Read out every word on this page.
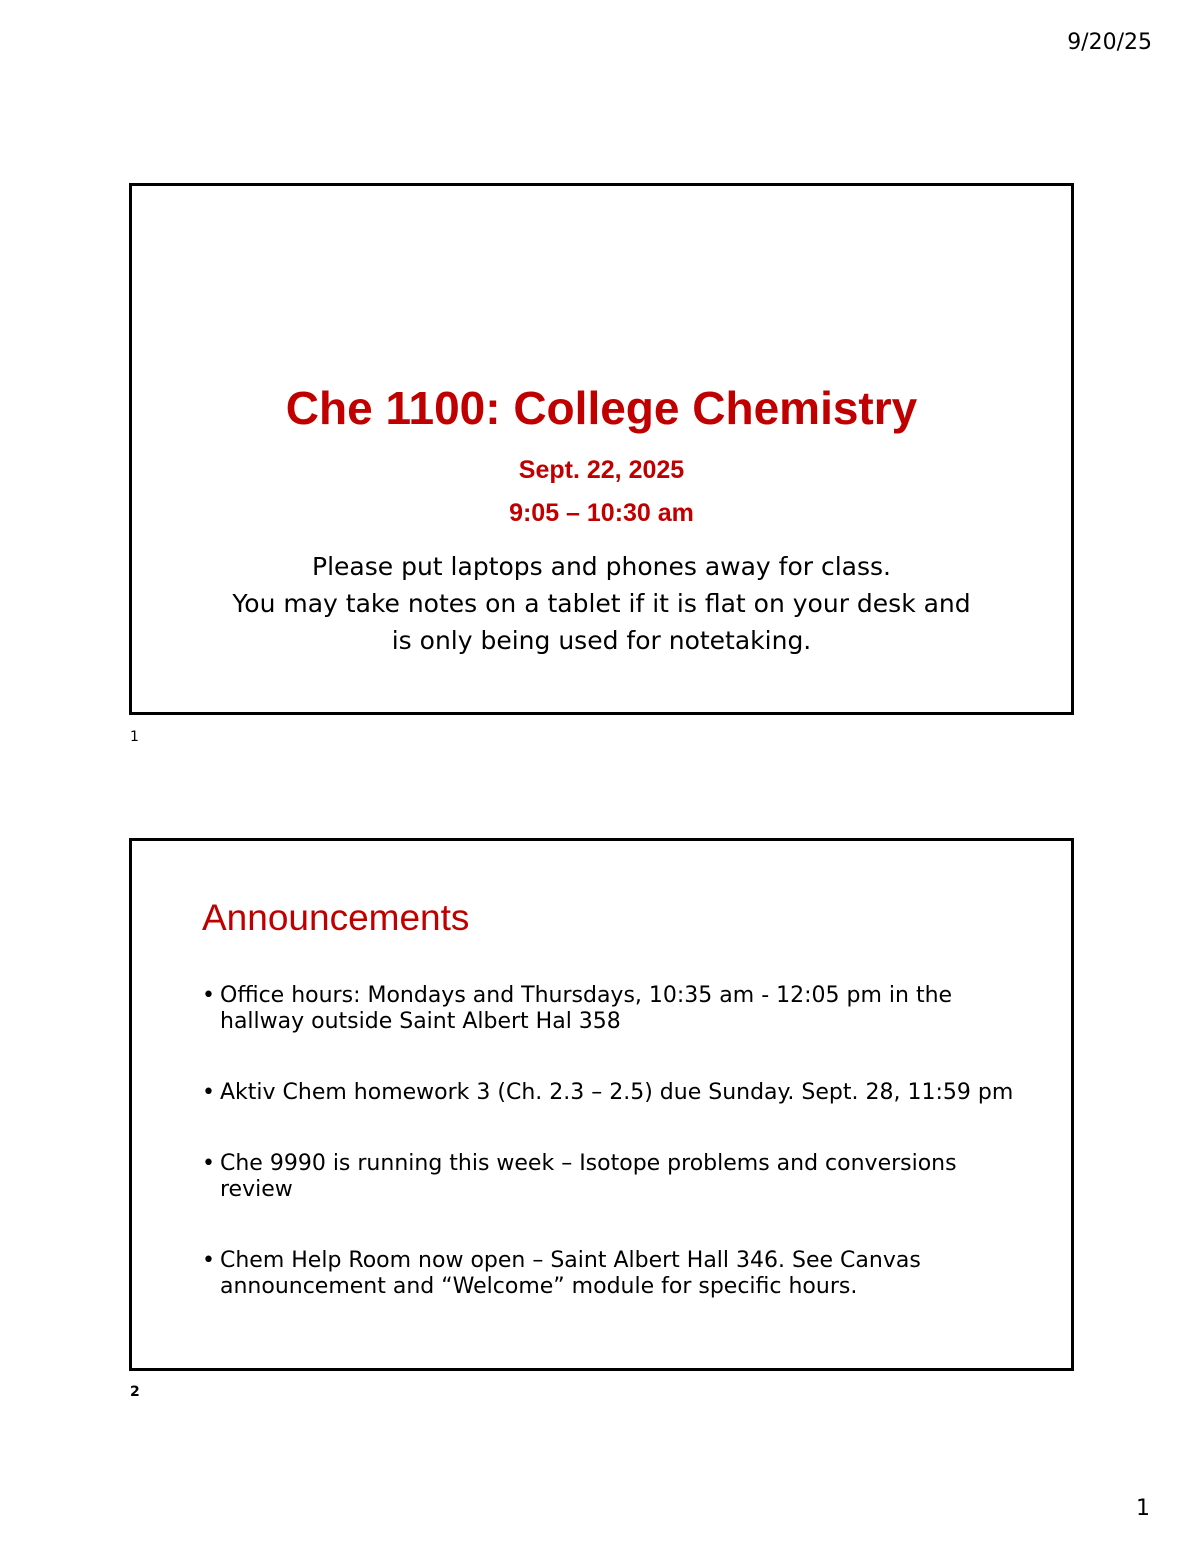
9/20/25
Che 1100: College Chemistry
Sept. 22, 2025
9:05 – 10:30 am
Please put laptops and phones away for class.
You may take notes on a tablet if it is flat on your desk and
is only being used for notetaking.
1
Announcements
• Office hours: Mondays and Thursdays, 10:35 am - 12:05 pm in the hallway outside Saint Albert Hal 358
• Aktiv Chem homework 3 (Ch. 2.3 – 2.5) due Sunday. Sept. 28, 11:59 pm
• Che 9990 is running this week – Isotope problems and conversions review
• Chem Help Room now open – Saint Albert Hall 346. See Canvas announcement and “Welcome” module for specific hours.
2
1
